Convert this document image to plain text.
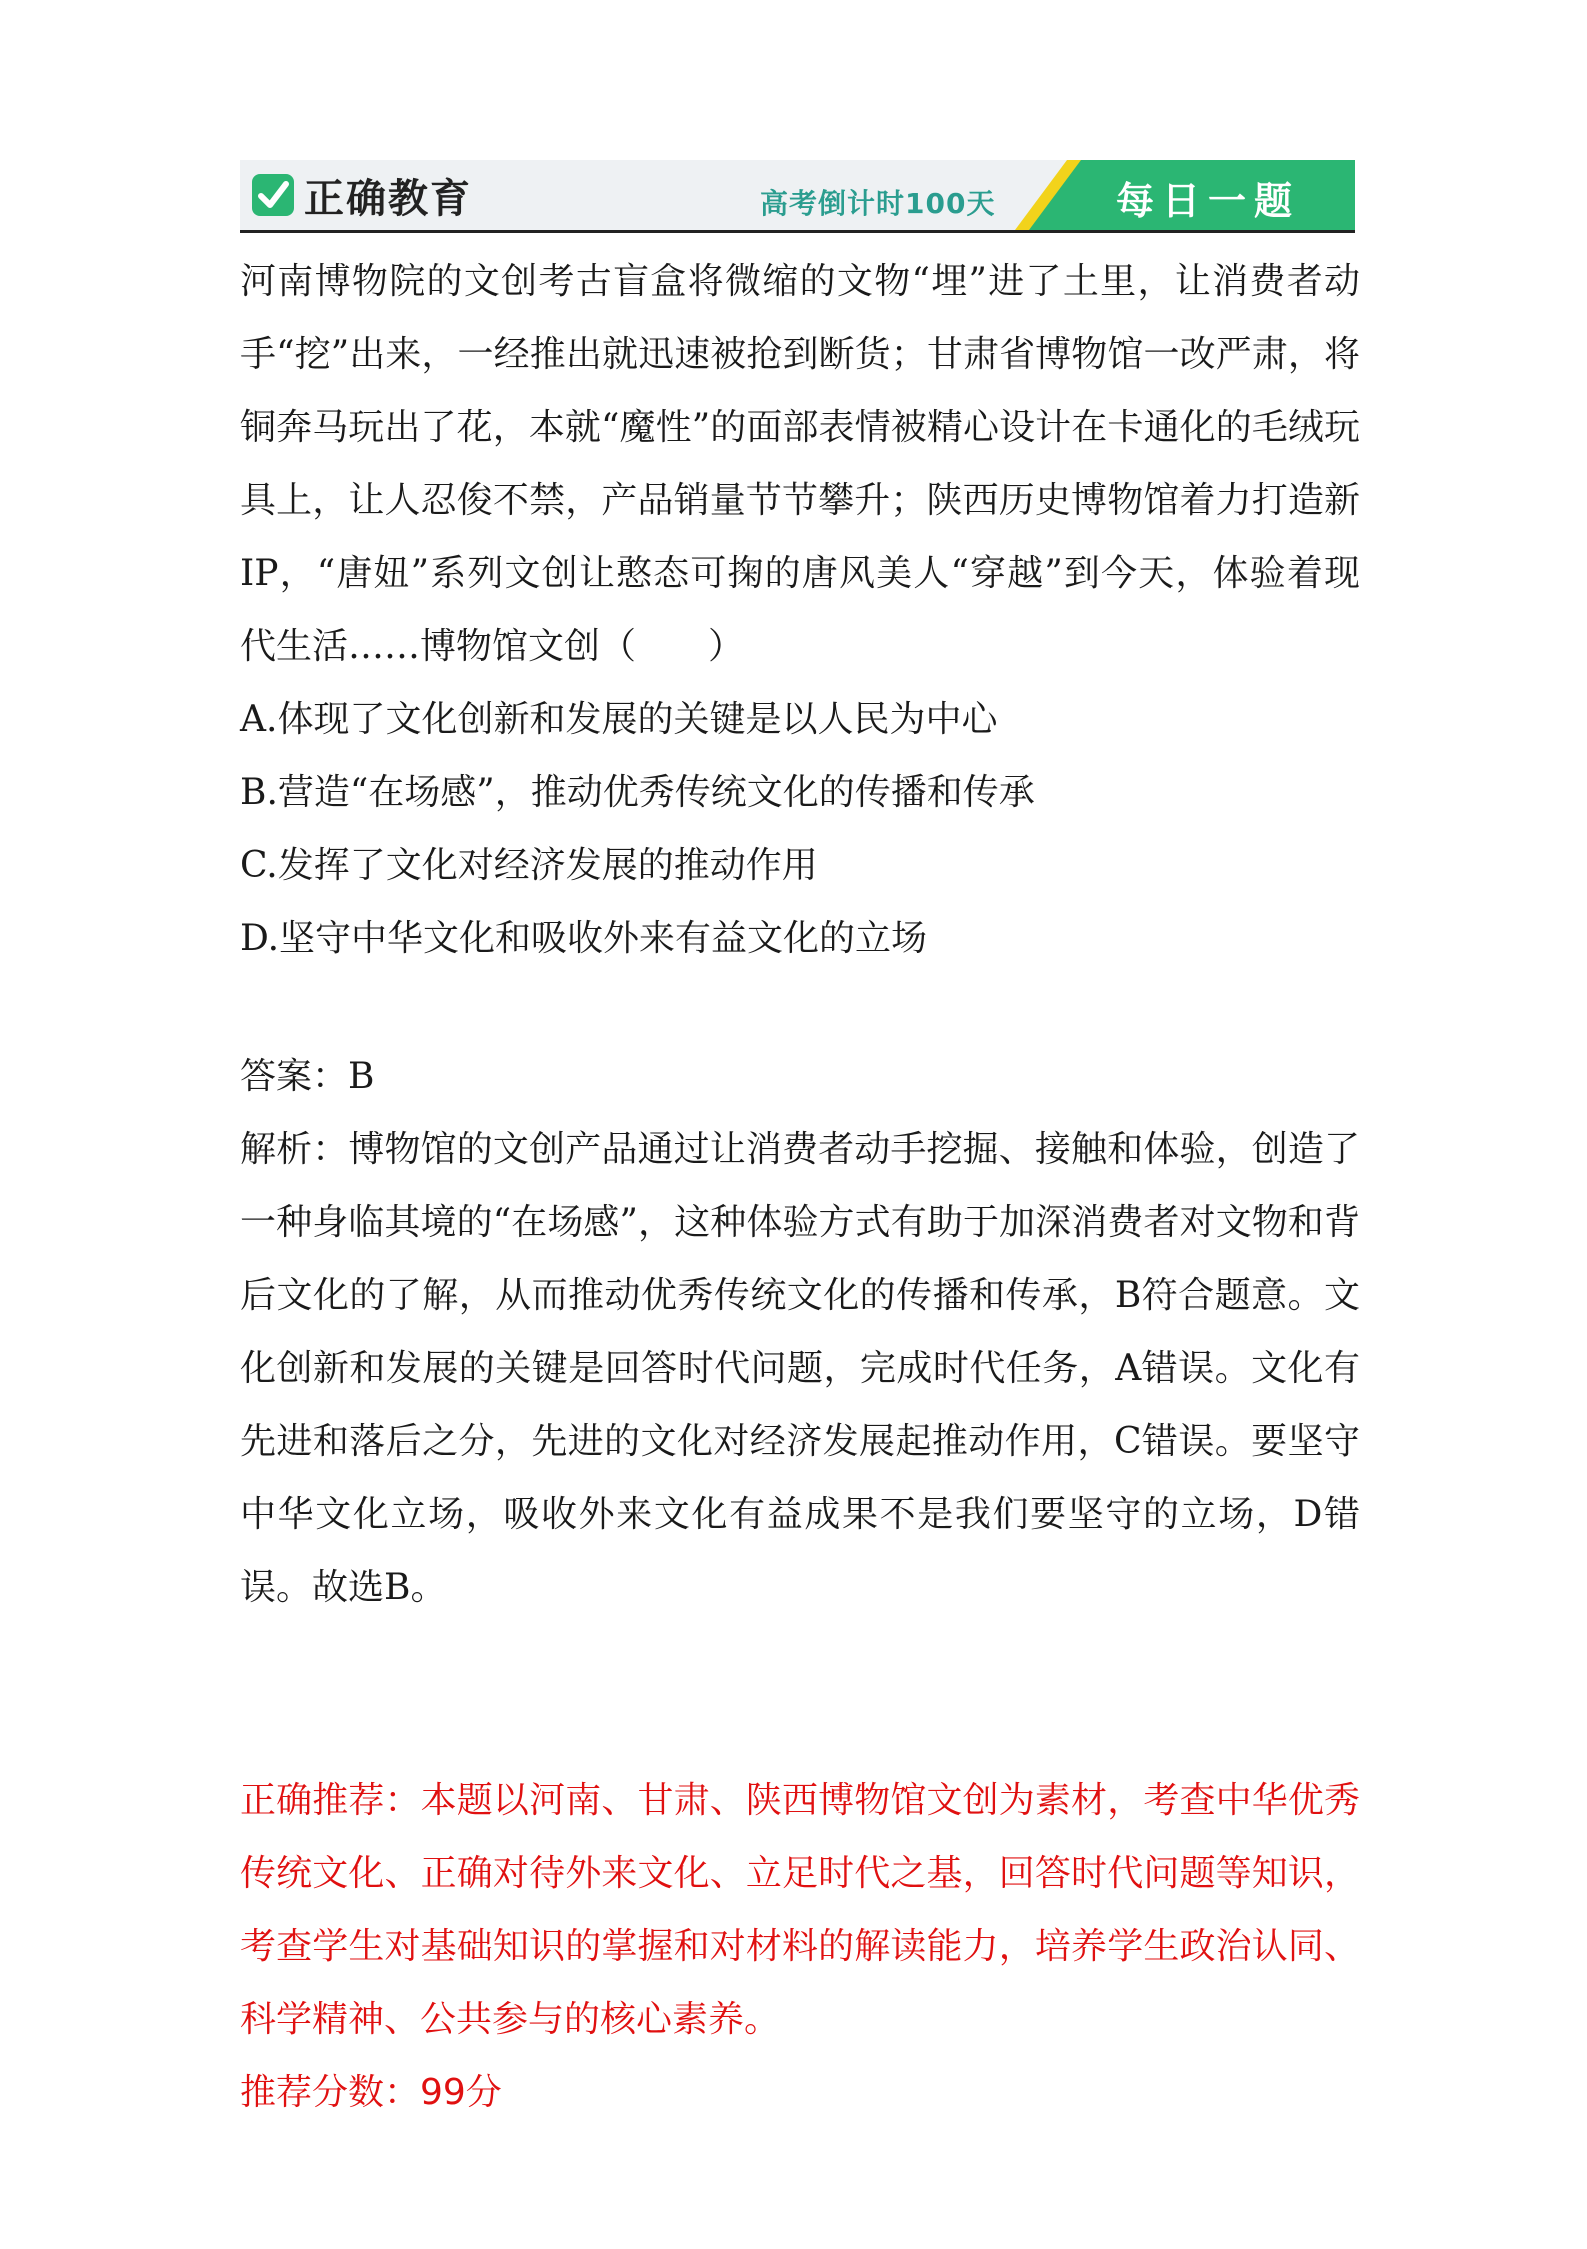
正确教育	高考倒计时100天	每日一题

河南博物院的文创考古盲盒将微缩的文物“埋”进了土里，让消费者动手“挖”出来，一经推出就迅速被抢到断货；甘肃省博物馆一改严肃，将铜奔马玩出了花，本就“魔性”的面部表情被精心设计在卡通化的毛绒玩具上，让人忍俊不禁，产品销量节节攀升；陕西历史博物馆着力打造新IP，“唐妞”系列文创让憨态可掬的唐风美人“穿越”到今天，体验着现代生活……博物馆文创（　　）

A.体现了文化创新和发展的关键是以人民为中心

B.营造“在场感”，推动优秀传统文化的传播和传承

C.发挥了文化对经济发展的推动作用

D.坚守中华文化和吸收外来有益文化的立场

答案：B

解析：博物馆的文创产品通过让消费者动手挖掘、接触和体验，创造了一种身临其境的“在场感”，这种体验方式有助于加深消费者对文物和背后文化的了解，从而推动优秀传统文化的传播和传承，B符合题意。文化创新和发展的关键是回答时代问题，完成时代任务，A错误。文化有先进和落后之分，先进的文化对经济发展起推动作用，C错误。要坚守中华文化立场，吸收外来文化有益成果不是我们要坚守的立场，D错误。故选B。

正确推荐：本题以河南、甘肃、陕西博物馆文创为素材，考查中华优秀传统文化、正确对待外来文化、立足时代之基，回答时代问题等知识，考查学生对基础知识的掌握和对材料的解读能力，培养学生政治认同、科学精神、公共参与的核心素养。

推荐分数：99分
